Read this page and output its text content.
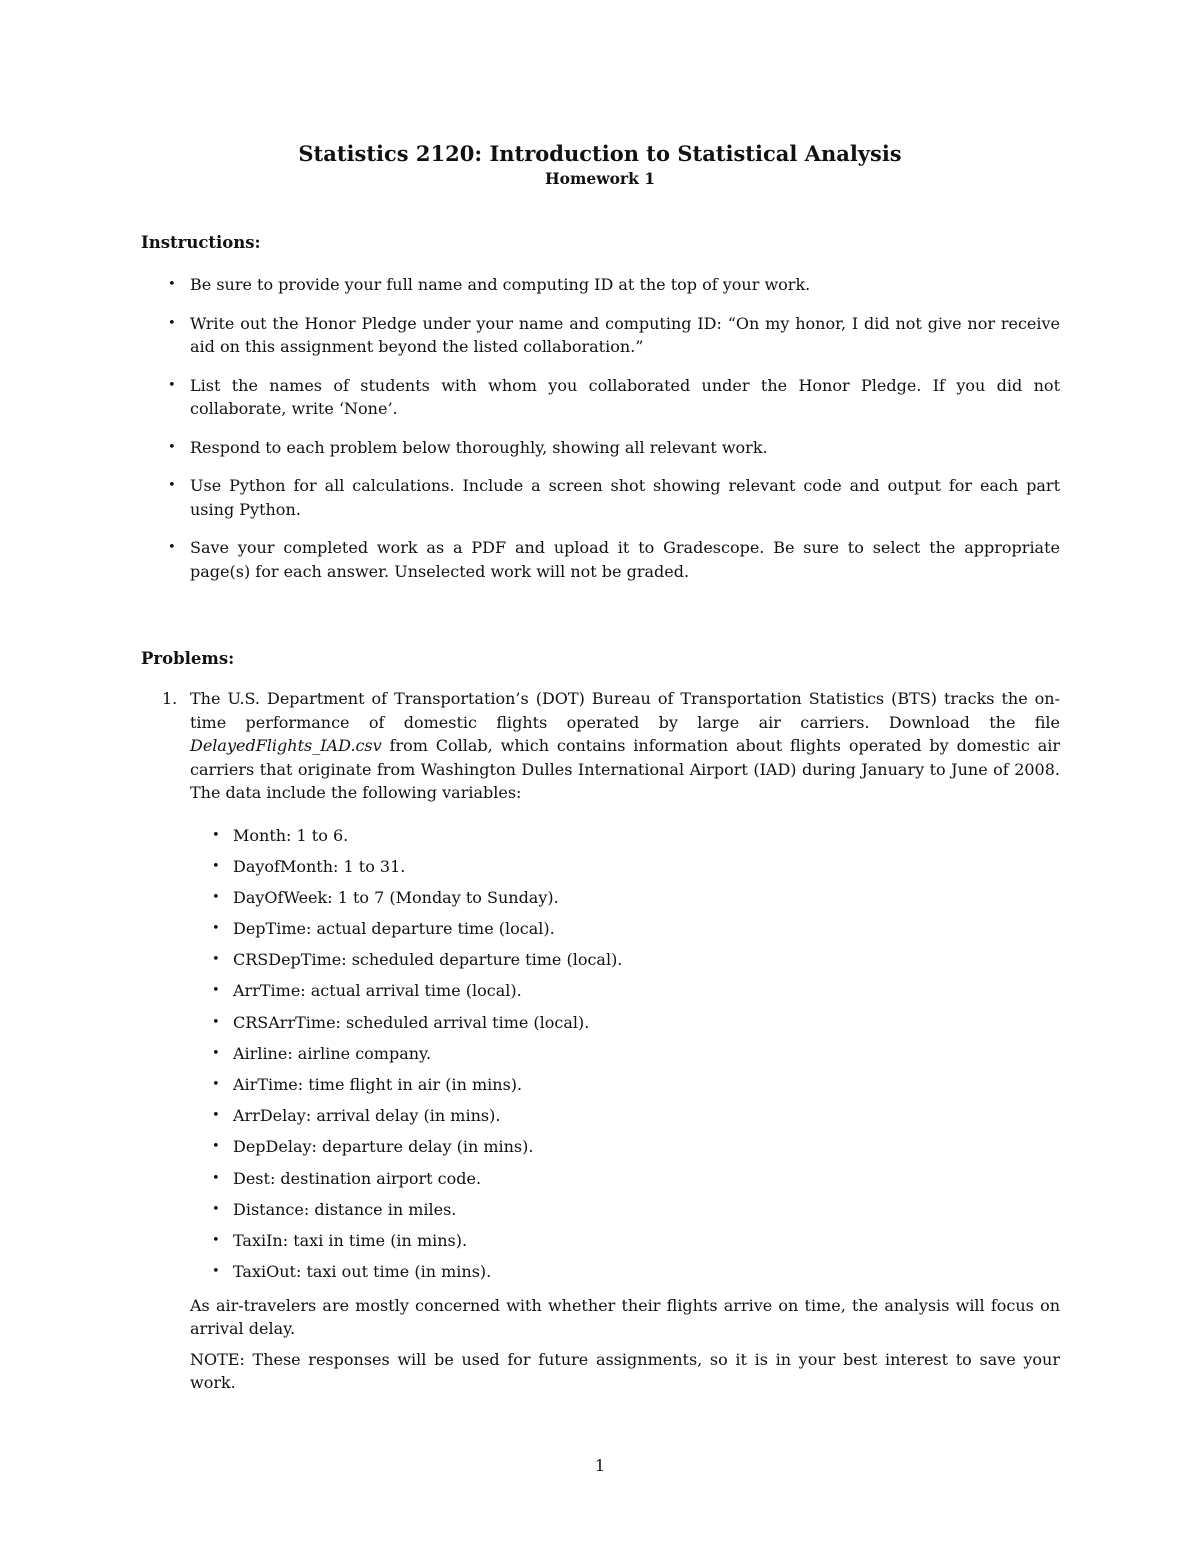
Statistics 2120: Introduction to Statistical Analysis
Homework 1
Instructions:
• Be sure to provide your full name and computing ID at the top of your work.
• Write out the Honor Pledge under your name and computing ID: “On my honor, I did not give nor receive aid on this assignment beyond the listed collaboration.”
• List the names of students with whom you collaborated under the Honor Pledge. If you did not collaborate, write ‘None’.
• Respond to each problem below thoroughly, showing all relevant work.
• Use Python for all calculations. Include a screen shot showing relevant code and output for each part using Python.
• Save your completed work as a PDF and upload it to Gradescope. Be sure to select the appropriate page(s) for each answer. Unselected work will not be graded.
Problems:
1. The U.S. Department of Transportation’s (DOT) Bureau of Transportation Statistics (BTS) tracks the on-time performance of domestic flights operated by large air carriers. Download the file DelayedFlights_IAD.csv from Collab, which contains information about flights operated by domestic air carriers that originate from Washington Dulles International Airport (IAD) during January to June of 2008. The data include the following variables:
• Month: 1 to 6.
• DayofMonth: 1 to 31.
• DayOfWeek: 1 to 7 (Monday to Sunday).
• DepTime: actual departure time (local).
• CRSDepTime: scheduled departure time (local).
• ArrTime: actual arrival time (local).
• CRSArrTime: scheduled arrival time (local).
• Airline: airline company.
• AirTime: time flight in air (in mins).
• ArrDelay: arrival delay (in mins).
• DepDelay: departure delay (in mins).
• Dest: destination airport code.
• Distance: distance in miles.
• TaxiIn: taxi in time (in mins).
• TaxiOut: taxi out time (in mins).

As air-travelers are mostly concerned with whether their flights arrive on time, the analysis will focus on arrival delay.

NOTE: These responses will be used for future assignments, so it is in your best interest to save your work.

1
